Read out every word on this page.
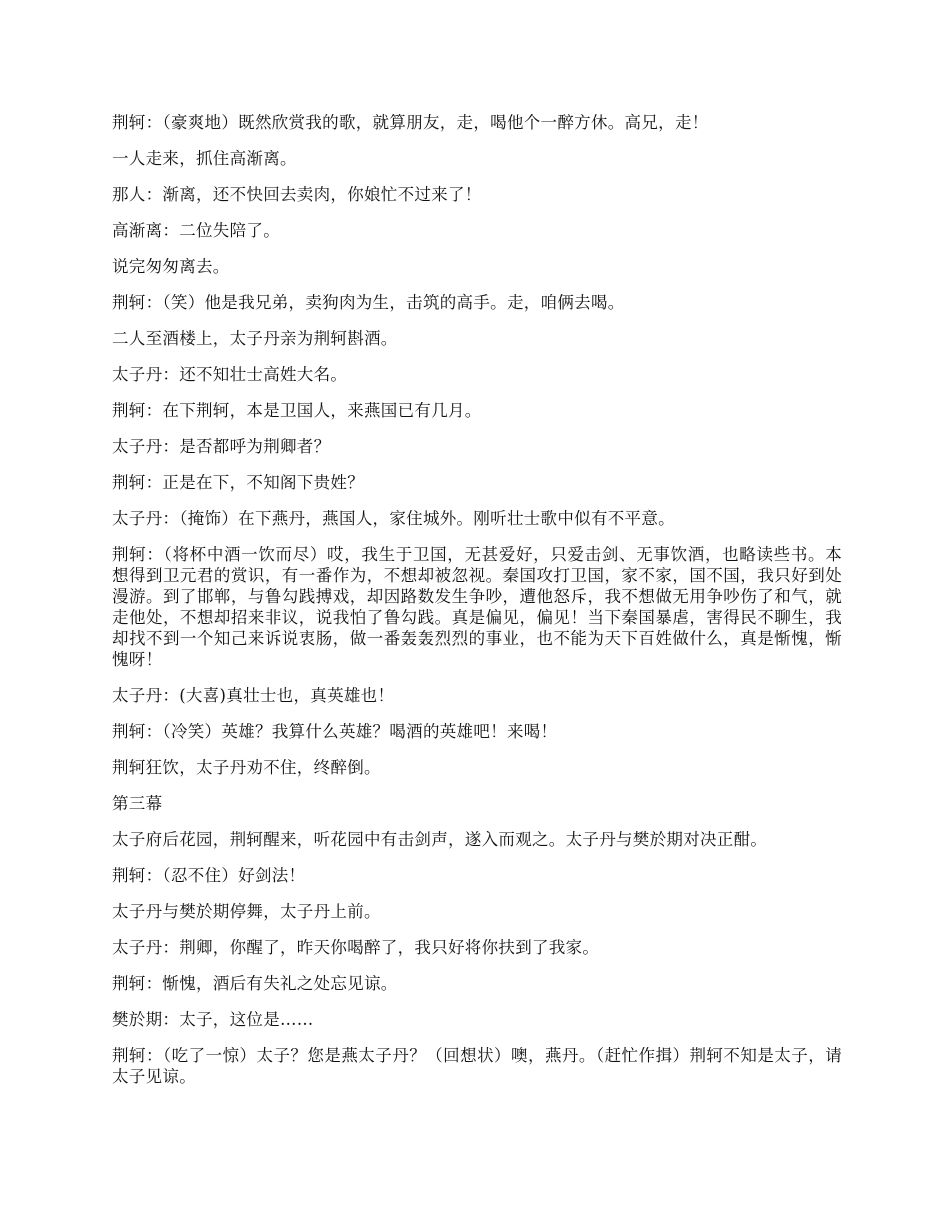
荆轲：（豪爽地）既然欣赏我的歌，就算朋友，走，喝他个一醉方休。高兄，走！

一人走来，抓住高渐离。

那人：渐离，还不快回去卖肉，你娘忙不过来了！

高渐离：二位失陪了。

说完匆匆离去。

荆轲：（笑）他是我兄弟，卖狗肉为生，击筑的高手。走，咱俩去喝。

二人至酒楼上，太子丹亲为荆轲斟酒。

太子丹：还不知壮士高姓大名。

荆轲：在下荆轲，本是卫国人，来燕国已有几月。

太子丹：是否都呼为荆卿者？

荆轲：正是在下，不知阁下贵姓？

太子丹：（掩饰）在下燕丹，燕国人，家住城外。刚听壮士歌中似有不平意。

荆轲：（将杯中酒一饮而尽）哎，我生于卫国，无甚爱好，只爱击剑、无事饮酒，也略读些书。本想得到卫元君的赏识，有一番作为，不想却被忽视。秦国攻打卫国，家不家，国不国，我只好到处漫游。到了邯郸，与鲁勾践搏戏，却因路数发生争吵，遭他怒斥，我不想做无用争吵伤了和气，就走他处，不想却招来非议，说我怕了鲁勾践。真是偏见，偏见！当下秦国暴虐，害得民不聊生，我却找不到一个知己来诉说衷肠，做一番轰轰烈烈的事业，也不能为天下百姓做什么，真是惭愧，惭愧呀！

太子丹：(大喜)真壮士也，真英雄也！

荆轲：（冷笑）英雄？我算什么英雄？喝酒的英雄吧！来喝！

荆轲狂饮，太子丹劝不住，终醉倒。

第三幕

太子府后花园，荆轲醒来，听花园中有击剑声，遂入而观之。太子丹与樊於期对决正酣。

荆轲：（忍不住）好剑法！

太子丹与樊於期停舞，太子丹上前。

太子丹：荆卿，你醒了，昨天你喝醉了，我只好将你扶到了我家。

荆轲：惭愧，酒后有失礼之处忘见谅。

樊於期：太子，这位是……

荆轲：（吃了一惊）太子？您是燕太子丹？（回想状）噢，燕丹。（赶忙作揖）荆轲不知是太子，请太子见谅。
